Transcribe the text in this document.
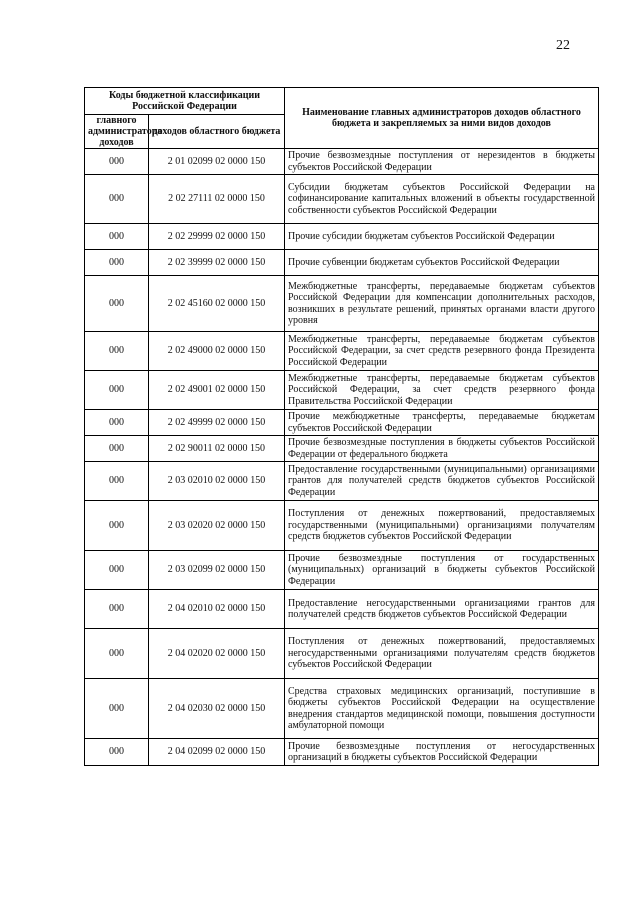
22
Коды бюджетной классификации Российской Федерации		Наименование главных администраторов доходов областного бюджета и закрепляемых за ними видов доходов
главного администратора доходов	доходов областного бюджета	
000	2 01 02099 02 0000 150	Прочие безвозмездные поступления от нерезидентов в бюджеты субъектов Российской Федерации
000	2 02 27111 02 0000 150	Субсидии бюджетам субъектов Российской Федерации на софинансирование капитальных вложений в объекты государственной собственности субъектов Российской Федерации
000	2 02 29999 02 0000 150	Прочие субсидии бюджетам субъектов Российской Федерации
000	2 02 39999 02 0000 150	Прочие субвенции бюджетам субъектов Российской Федерации
000	2 02 45160 02 0000 150	Межбюджетные трансферты, передаваемые бюджетам субъектов Российской Федерации для компенсации дополнительных расходов, возникших в результате решений, принятых органами власти другого уровня
000	2 02 49000 02 0000 150	Межбюджетные трансферты, передаваемые бюджетам субъектов Российской Федерации, за счет средств резервного фонда Президента Российской Федерации
000	2 02 49001 02 0000 150	Межбюджетные трансферты, передаваемые бюджетам субъектов Российской Федерации, за счет средств резервного фонда Правительства Российской Федерации
000	2 02 49999 02 0000 150	Прочие межбюджетные трансферты, передаваемые бюджетам субъектов Российской Федерации
000	2 02 90011 02 0000 150	Прочие безвозмездные поступления в бюджеты субъектов Российской Федерации от федерального бюджета
000	2 03 02010 02 0000 150	Предоставление государственными (муниципальными) организациями грантов для получателей средств бюджетов субъектов Российской Федерации
000	2 03 02020 02 0000 150	Поступления от денежных пожертвований, предоставляемых государственными (муниципальными) организациями получателям средств бюджетов субъектов Российской Федерации
000	2 03 02099 02 0000 150	Прочие безвозмездные поступления от государственных (муниципальных) организаций в бюджеты субъектов Российской Федерации
000	2 04 02010 02 0000 150	Предоставление негосударственными организациями грантов для получателей средств бюджетов субъектов Российской Федерации
000	2 04 02020 02 0000 150	Поступления от денежных пожертвований, предоставляемых негосударственными организациями получателям средств бюджетов субъектов Российской Федерации
000	2 04 02030 02 0000 150	Средства страховых медицинских организаций, поступившие в бюджеты субъектов Российской Федерации на осуществление внедрения стандартов медицинской помощи, повышения доступности амбулаторной помощи
000	2 04 02099 02 0000 150	Прочие безвозмездные поступления от негосударственных организаций в бюджеты субъектов Российской Федерации
